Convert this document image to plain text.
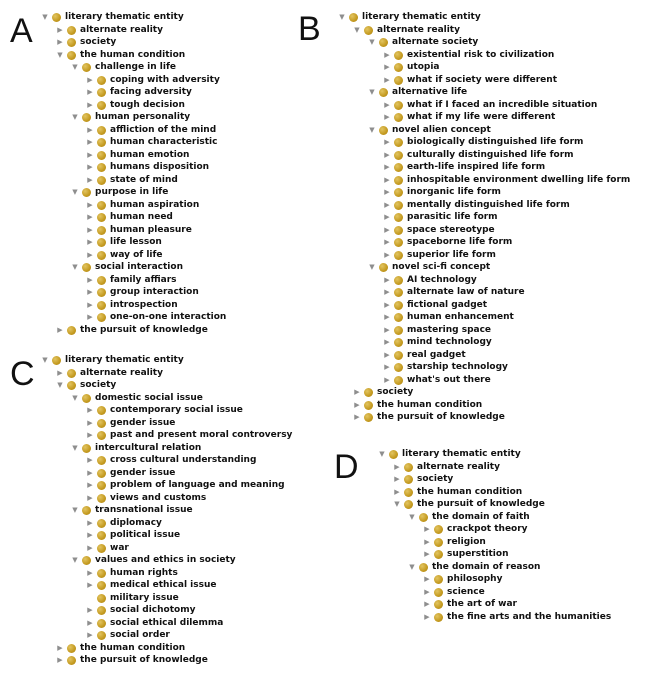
A	▼ literary thematic entity
▶ alternate reality
▶ society
▼ the human condition
▼ challenge in life
▶ coping with adversity
▶ facing adversity
▶ tough decision
▼ human personality
▶ affliction of the mind
▶ human characteristic
▶ human emotion
▶ humans disposition
▶ state of mind
▼ purpose in life
▶ human aspiration
▶ human need
▶ human pleasure
▶ life lesson
▶ way of life
▼ social interaction
▶ family affiars
▶ group interaction
▶ introspection
▶ one-on-one interaction
▶ the pursuit of knowledge
B	▼ literary thematic entity
▼ alternate reality
▼ alternate society
▶ existential risk to civilization
▶ utopia
▶ what if society were different
▼ alternative life
▶ what if I faced an incredible situation
▶ what if my life were different
▼ novel alien concept
▶ biologically distinguished life form
▶ culturally distinguished life form
▶ earth-life inspired life form
▶ inhospitable environment dwelling life form
▶ inorganic life form
▶ mentally distinguished life form
▶ parasitic life form
▶ space stereotype
▶ spaceborne life form
▶ superior life form
▼ novel sci-fi concept
▶ AI technology
▶ alternate law of nature
▶ fictional gadget
▶ human enhancement
▶ mastering space
▶ mind technology
▶ real gadget
▶ starship technology
▶ what's out there
▶ society
▶ the human condition
▶ the pursuit of knowledge
C	▼ literary thematic entity
▶ alternate reality
▼ society
▼ domestic social issue
▶ contemporary social issue
▶ gender issue
▶ past and present moral controversy
▼ intercultural relation
▶ cross cultural understanding
▶ gender issue
▶ problem of language and meaning
▶ views and customs
▼ transnational issue
▶ diplomacy
▶ political issue
▶ war
▼ values and ethics in society
▶ human rights
▶ medical ethical issue
military issue
▶ social dichotomy
▶ social ethical dilemma
▶ social order
▶ the human condition
▶ the pursuit of knowledge
D	▼ literary thematic entity
▶ alternate reality
▶ society
▶ the human condition
▼ the pursuit of knowledge
▼ the domain of faith
▶ crackpot theory
▶ religion
▶ superstition
▼ the domain of reason
▶ philosophy
▶ science
▶ the art of war
▶ the fine arts and the humanities
